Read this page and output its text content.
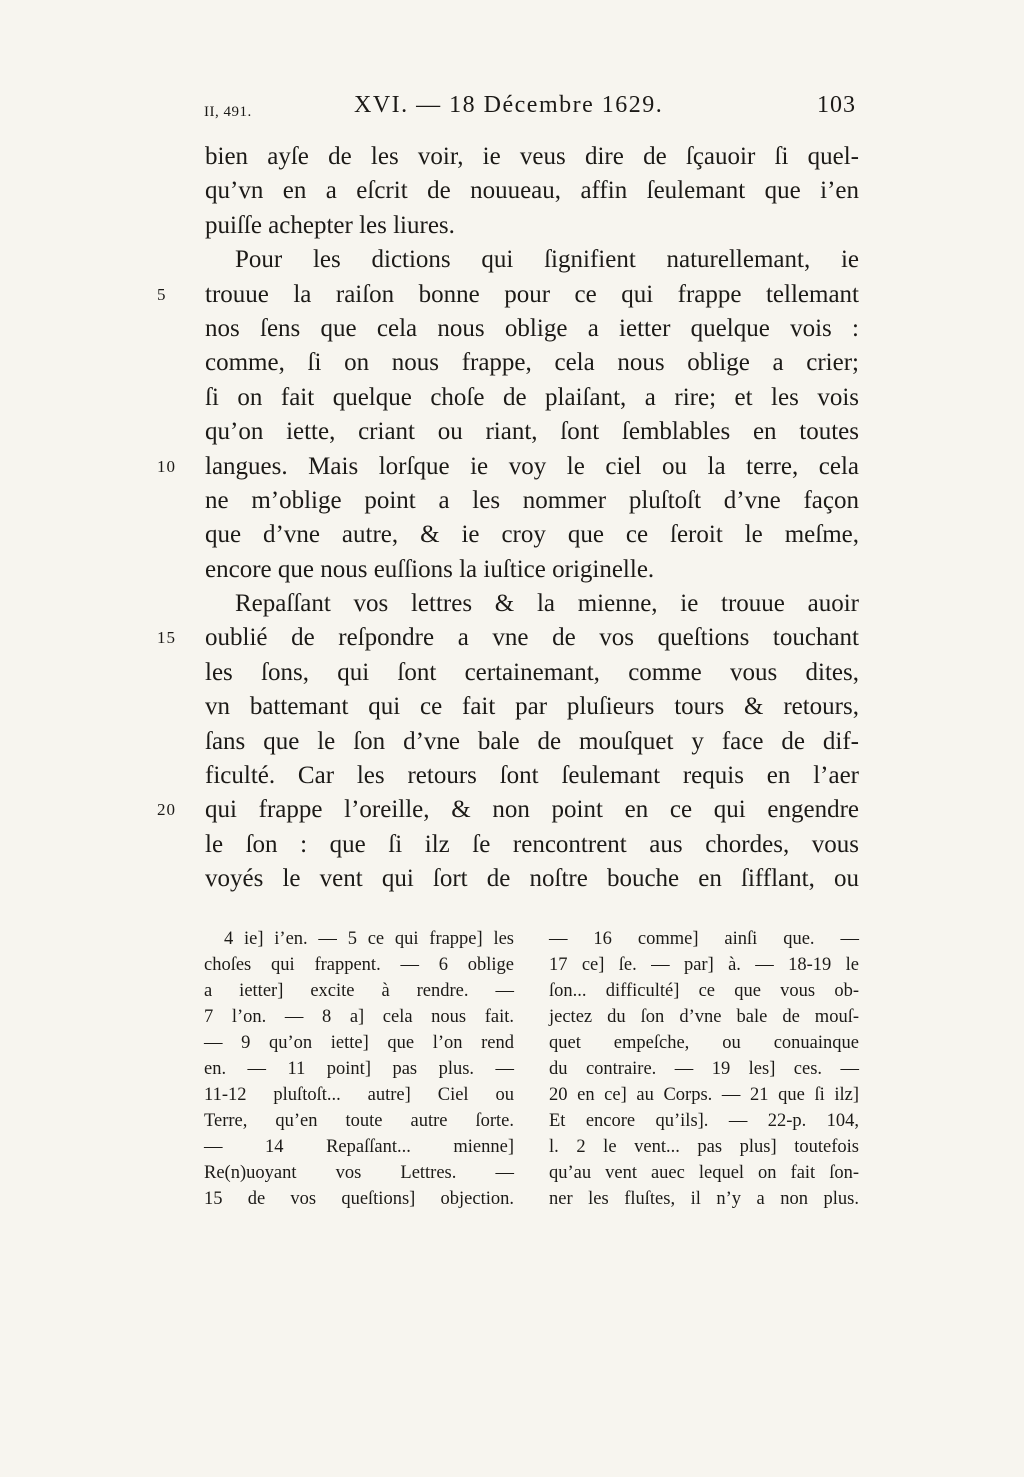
II, 491.	XVI. — 18 Décembre 1629.	103
bien ayſe de les voir, ie veus dire de ſçauoir ſi quel-
qu’vn en a eſcrit de nouueau, affin ſeulemant que i’en
puiſſe achepter les liures.
Pour les dictions qui ſignifient naturellemant, ie
5	trouue la raiſon bonne pour ce qui frappe tellemant
nos ſens que cela nous oblige a ietter quelque vois :
comme, ſi on nous frappe, cela nous oblige a crier;
ſi on fait quelque choſe de plaiſant, a rire; et les vois
qu’on iette, criant ou riant, ſont ſemblables en toutes
10	langues. Mais lorſque ie voy le ciel ou la terre, cela
ne m’oblige point a les nommer pluſtoſt d’vne façon
que d’vne autre, & ie croy que ce ſeroit le meſme,
encore que nous euſſions la iuſtice originelle.
Repaſſant vos lettres & la mienne, ie trouue auoir
15	oublié de reſpondre a vne de vos queſtions touchant
les ſons, qui ſont certainemant, comme vous dites,
vn battemant qui ce fait par pluſieurs tours & retours,
ſans que le ſon d’vne bale de mouſquet y face de dif-
ficulté. Car les retours ſont ſeulemant requis en l’aer
20	qui frappe l’oreille, & non point en ce qui engendre
le ſon : que ſi ilz ſe rencontrent aus chordes, vous
voyés le vent qui ſort de noſtre bouche en ſifflant, ou
4 ie] i’en. — 5 ce qui frappe] les
choſes qui frappent. — 6 oblige
a ietter] excite à rendre. —
7 l’on. — 8 a] cela nous fait.
— 9 qu’on iette] que l’on rend
en. — 11 point] pas plus. —
11-12 pluſtoſt... autre] Ciel ou
Terre, qu’en toute autre ſorte.
— 14 Repaſſant... mienne]
Re(n)uoyant vos Lettres. —
15 de vos queſtions] objection.
— 16 comme] ainſi que. —
17 ce] ſe. — par] à. — 18-19 le
ſon... difficulté] ce que vous ob-
jectez du ſon d’vne bale de mouſ-
quet empeſche, ou conuainque
du contraire. — 19 les] ces. —
20 en ce] au Corps. — 21 que ſi ilz]
Et encore qu’ils]. — 22-p. 104,
l. 2 le vent... pas plus] toutefois
qu’au vent auec lequel on fait ſon-
ner les fluſtes, il n’y a non plus.
